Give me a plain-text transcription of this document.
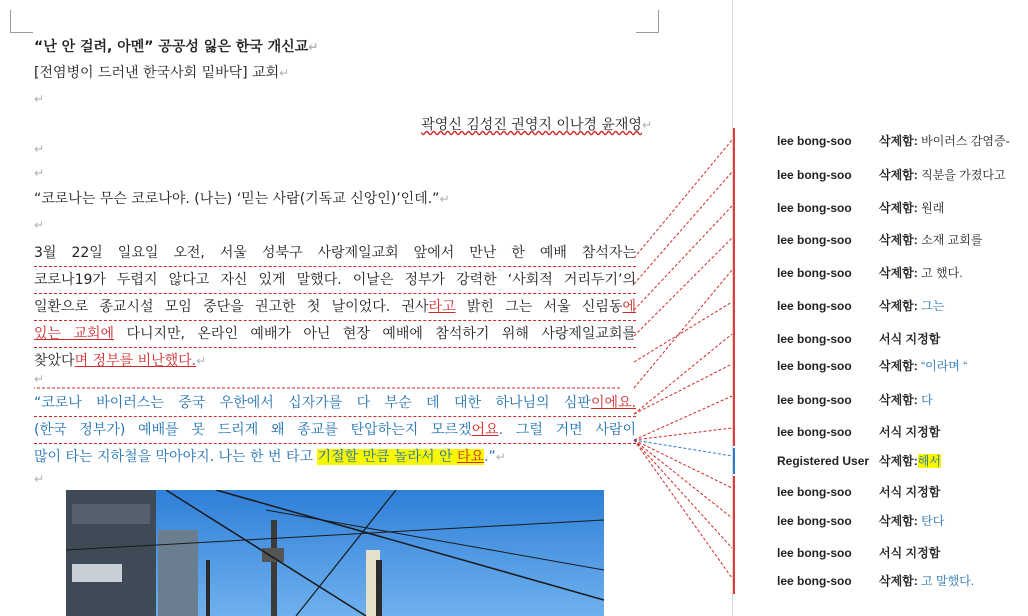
“난 안 걸려, 아멘” 공공성 잃은 한국 개신교↵
[전염병이 드러낸 한국사회 밑바닥] 교회↵
↵
곽영신 김성진 권영지 이나경 윤재영↵
↵
↵
“코로나는 무슨 코로나야. (나는) ‘믿는 사람(기독교 신앙인)’인데.”↵
↵
3월 22일 일요일 오전, 서울 성북구 사랑제일교회 앞에서 만난 한 예배 참석자는
코로나19가 두렵지 않다고 자신 있게 말했다. 이날은 정부가 강력한 ‘사회적 거리두기’의
일환으로 종교시설 모임 중단을 권고한 첫 날이었다. 권사라고 밝힌 그는 서울 신림동에
있는 교회에 다니지만, 온라인 예배가 아닌 현장 예배에 참석하기 위해 사랑제일교회를
찾았다며 정부를 비난했다.↵
↵
“코로나 바이러스는 중국 우한에서 십자가를 다 부순 데 대한 하나님의 심판이에요.
(한국 정부가) 예배를 못 드리게 왜 종교를 탄압하는지 모르겠어요. 그럴 거면 사람이
많이 타는 지하철을 막아야지. 나는 한 번 타고 기절할 만큼 놀라서 안 타요.”↵
↵
lee bong-soo 삭제함: 바이러스 감염증-
lee bong-soo 삭제함: 직분을 가졌다고
lee bong-soo 삭제함: 원래
lee bong-soo 삭제함: 소재 교회를
lee bong-soo 삭제함: 고 했다.
lee bong-soo 삭제함: 그는
lee bong-soo 서식 지정함
lee bong-soo 삭제함: “이라며 “
lee bong-soo 삭제함: 다
lee bong-soo 서식 지정함
Registered User 삭제함:해서
lee bong-soo 서식 지정함
lee bong-soo 삭제함: 탄다
lee bong-soo 서식 지정함
lee bong-soo 삭제함: 고 말했다.
